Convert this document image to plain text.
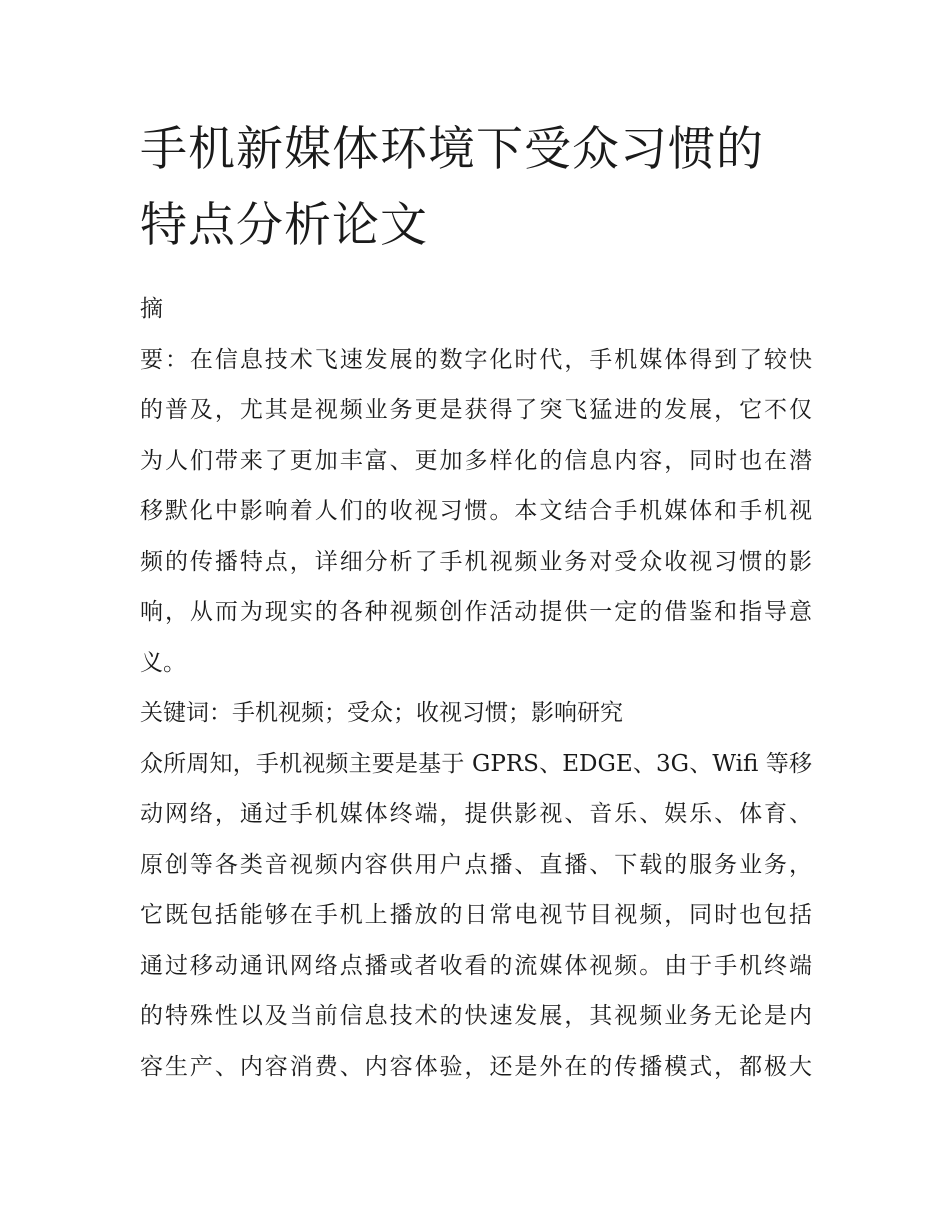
手机新媒体环境下受众习惯的
特点分析论文
摘
要：在信息技术飞速发展的数字化时代，手机媒体得到了较快
的普及，尤其是视频业务更是获得了突飞猛进的发展，它不仅
为人们带来了更加丰富、更加多样化的信息内容，同时也在潜
移默化中影响着人们的收视习惯。本文结合手机媒体和手机视
频的传播特点，详细分析了手机视频业务对受众收视习惯的影
响，从而为现实的各种视频创作活动提供一定的借鉴和指导意
义。
关键词：手机视频；受众；收视习惯；影响研究
众所周知，手机视频主要是基于 GPRS、EDGE、3G、Wifi 等移
动网络，通过手机媒体终端，提供影视、音乐、娱乐、体育、
原创等各类音视频内容供用户点播、直播、下载的服务业务，
它既包括能够在手机上播放的日常电视节目视频，同时也包括
通过移动通讯网络点播或者收看的流媒体视频。由于手机终端
的特殊性以及当前信息技术的快速发展，其视频业务无论是内
容生产、内容消费、内容体验，还是外在的传播模式，都极大
